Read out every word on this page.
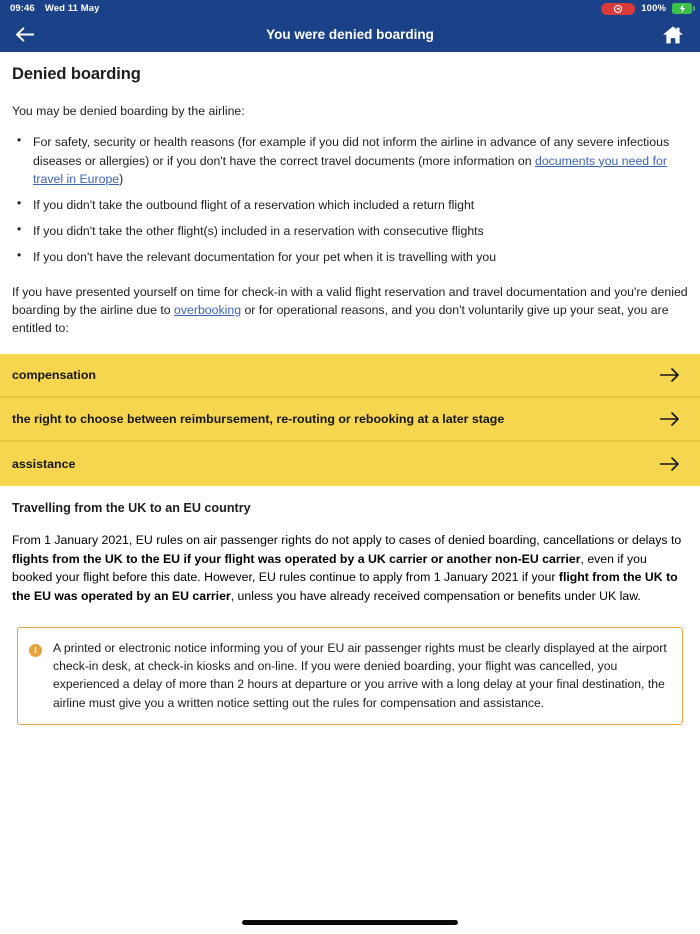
09:46 Wed 11 May	100%
You were denied boarding
Denied boarding

You may be denied boarding by the airline:

• For safety, security or health reasons (for example if you did not inform the airline in advance of any severe infectious diseases or allergies) or if you don't have the correct travel documents (more information on documents you need for travel in Europe)
• If you didn't take the outbound flight of a reservation which included a return flight
• If you didn't take the other flight(s) included in a reservation with consecutive flights
• If you don't have the relevant documentation for your pet when it is travelling with you

If you have presented yourself on time for check-in with a valid flight reservation and travel documentation and you're denied boarding by the airline due to overbooking or for operational reasons, and you don't voluntarily give up your seat, you are entitled to:

compensation
the right to choose between reimbursement, re-routing or rebooking at a later stage
assistance
Travelling from the UK to an EU country

From 1 January 2021, EU rules on air passenger rights do not apply to cases of denied boarding, cancellations or delays to flights from the UK to the EU if your flight was operated by a UK carrier or another non-EU carrier, even if you booked your flight before this date. However, EU rules continue to apply from 1 January 2021 if your flight from the UK to the EU was operated by an EU carrier, unless you have already received compensation or benefits under UK law.

i	A printed or electronic notice informing you of your EU air passenger rights must be clearly displayed at the airport check-in desk, at check-in kiosks and on-line. If you were denied boarding, your flight was cancelled, you experienced a delay of more than 2 hours at departure or you arrive with a long delay at your final destination, the airline must give you a written notice setting out the rules for compensation and assistance.
